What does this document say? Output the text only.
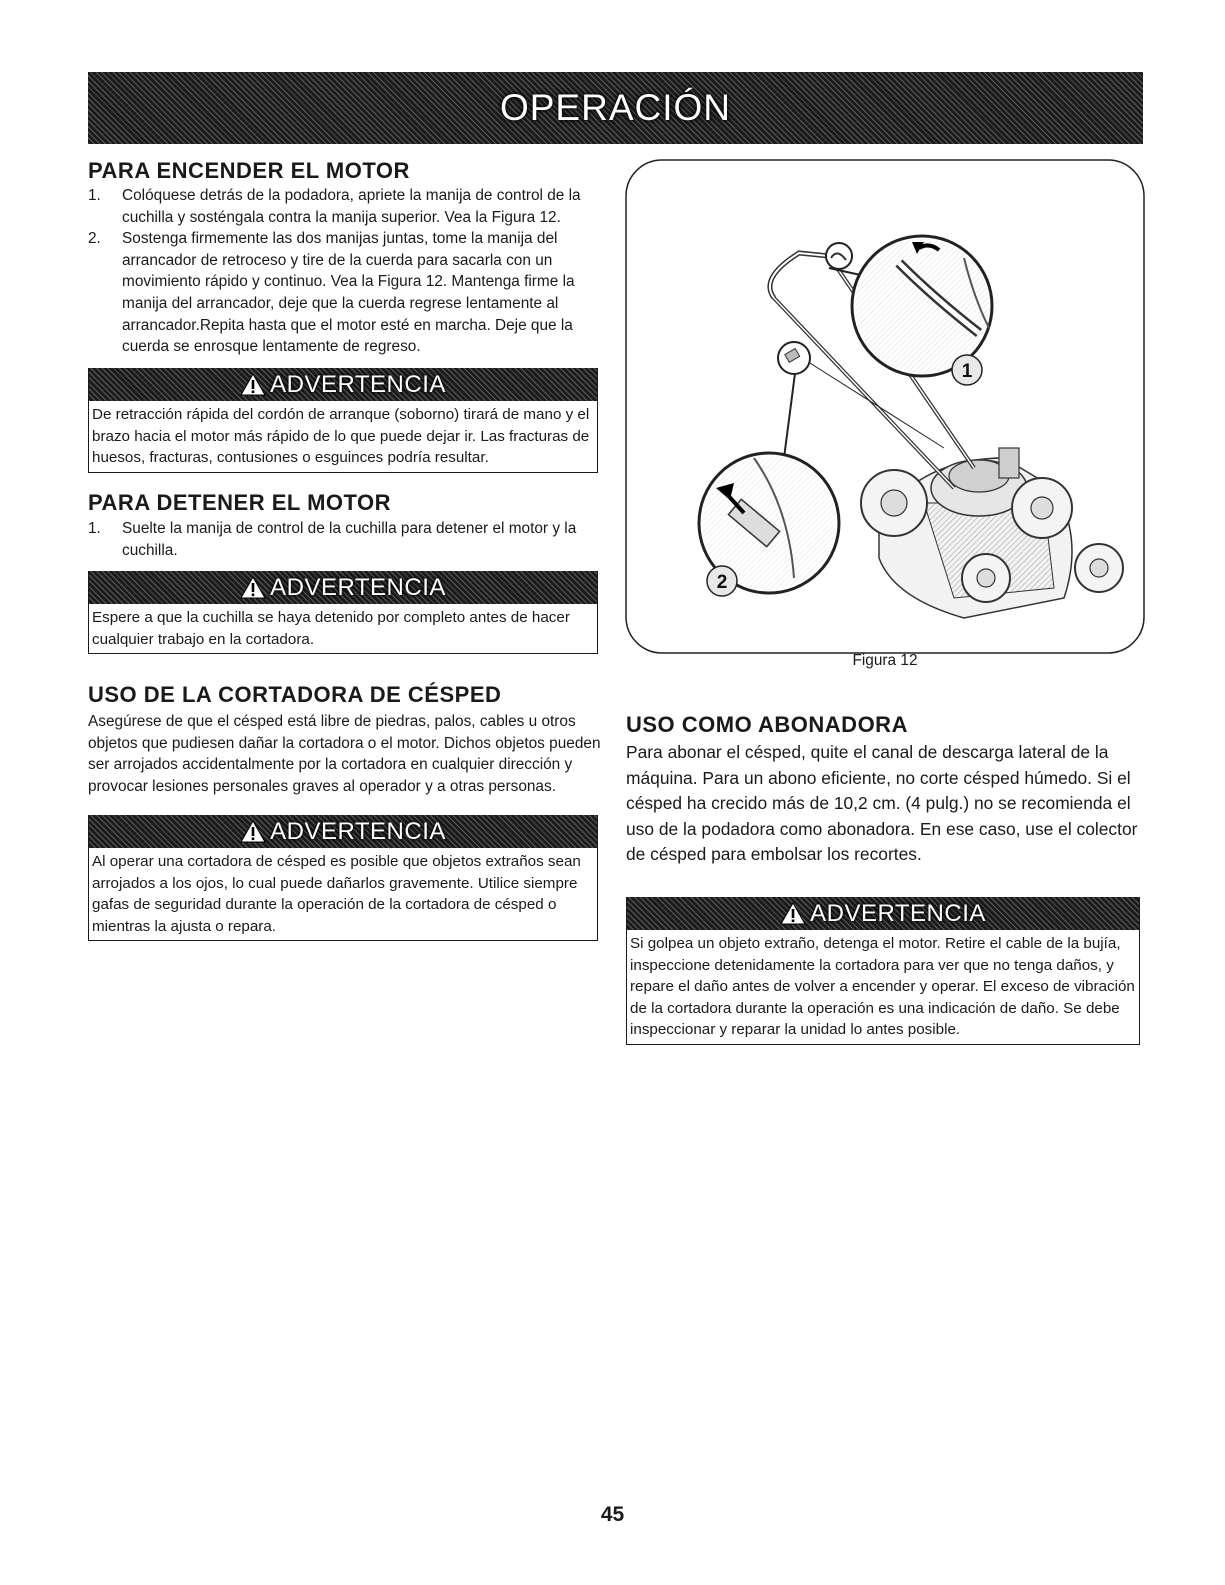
OPERACIÓN
PARA ENCENDER EL MOTOR
1. Colóquese detrás de la podadora, apriete la manija de control de la cuchilla y sosténgala contra la manija superior. Vea la Figura 12.
2. Sostenga firmemente las dos manijas juntas, tome la manija del arrancador de retroceso y tire de la cuerda para sacarla con un movimiento rápido y continuo. Vea la Figura 12. Mantenga firme la manija del arrancador, deje que la cuerda regrese lentamente al arrancador.Repita hasta que el motor esté en marcha. Deje que la cuerda se enrosque lentamente de regreso.
ADVERTENCIA
De retracción rápida del cordón de arranque (soborno) tirará de mano y el brazo hacia el motor más rápido de lo que puede dejar ir. Las fracturas de huesos, fracturas, contusiones o esguinces podría resultar.
PARA DETENER EL MOTOR
1. Suelte la manija de control de la cuchilla para detener el motor y la cuchilla.
ADVERTENCIA
Espere a que la cuchilla se haya detenido por completo antes de hacer cualquier trabajo en la cortadora.
USO DE LA CORTADORA DE CÉSPED

Asegúrese de que el césped está libre de piedras, palos, cables u otros objetos que pudiesen dañar la cortadora o el motor. Dichos objetos pueden ser arrojados accidentalmente por la cortadora en cualquier dirección y provocar lesiones personales graves al operador y a otras personas.

ADVERTENCIA
Al operar una cortadora de césped es posible que objetos extraños sean arrojados a los ojos, lo cual puede dañarlos gravemente. Utilice siempre gafas de seguridad durante la operación de la cortadora de césped o mientras la ajusta o repara.
1
2
Figura 12
USO COMO ABONADORA

Para abonar el césped, quite el canal de descarga lateral de la máquina. Para un abono eficiente, no corte césped húmedo. Si el césped ha crecido más de 10,2 cm. (4 pulg.) no se recomienda el uso de la podadora como abonadora. En ese caso, use el colector de césped para embolsar los recortes.

ADVERTENCIA
Si golpea un objeto extraño, detenga el motor. Retire el cable de la bujía, inspeccione detenidamente la cortadora para ver que no tenga daños, y repare el daño antes de volver a encender y operar. El exceso de vibración de la cortadora durante la operación es una indicación de daño. Se debe inspeccionar y reparar la unidad lo antes posible.
45
